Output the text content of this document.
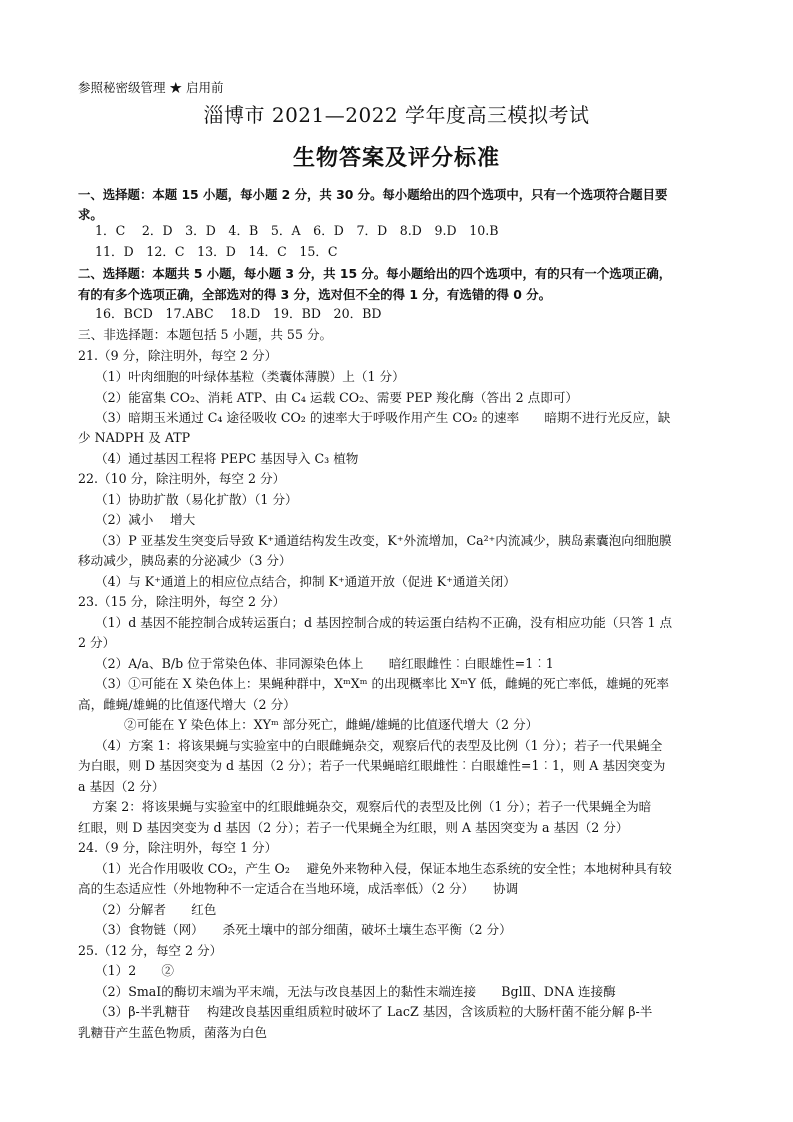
参照秘密级管理 ★ 启用前
淄博市 2021—2022 学年度高三模拟考试
生物答案及评分标准
一、选择题：本题 15 小题，每小题 2 分，共 30 分。每小题给出的四个选项中，只有一个选项符合题目要
求。
1．C　 2．D　3．D　4．B　5．A　6．D　7．D　8.D　9.D　10.B
11．D　12．C　13．D　14．C　15．C
二、选择题：本题共 5 小题，每小题 3 分，共 15 分。每小题给出的四个选项中，有的只有一个选项正确，
有的有多个选项正确，全部选对的得 3 分，选对但不全的得 1 分，有选错的得 0 分。
16．BCD　17.ABC　 18.D　19．BD　20．BD
三、非选择题：本题包括 5 小题，共 55 分。
21.（9 分，除注明外，每空 2 分）
（1）叶肉细胞的叶绿体基粒（类囊体薄膜）上（1 分）
（2）能富集 CO₂、消耗 ATP、由 C₄ 运载 CO₂、需要 PEP 羧化酶（答出 2 点即可）
（3）暗期玉米通过 C₄ 途径吸收 CO₂ 的速率大于呼吸作用产生 CO₂ 的速率　　暗期不进行光反应，缺
少 NADPH 及 ATP
（4）通过基因工程将 PEPC 基因导入 C₃ 植物
22.（10 分，除注明外，每空 2 分）
（1）协助扩散（易化扩散）（1 分）
（2）减小　 增大
（3）P 亚基发生突变后导致 K⁺通道结构发生改变，K⁺外流增加，Ca²⁺内流减少，胰岛素囊泡向细胞膜
移动减少，胰岛素的分泌减少（3 分）
（4）与 K⁺通道上的相应位点结合，抑制 K⁺通道开放（促进 K⁺通道关闭）
23.（15 分，除注明外，每空 2 分）
（1）d 基因不能控制合成转运蛋白；d 基因控制合成的转运蛋白结构不正确，没有相应功能（只答 1 点
2 分）
（2）A/a、B/b 位于常染色体、非同源染色体上　　暗红眼雌性︰白眼雄性=1︰1
（3）①可能在 X 染色体上：果蝇种群中，XᵐXᵐ 的出现概率比 XᵐY 低，雌蝇的死亡率低，雄蝇的死率
高，雌蝇/雄蝇的比值逐代增大（2 分）
②可能在 Y 染色体上：XYᵐ 部分死亡，雌蝇/雄蝇的比值逐代增大（2 分）
（4）方案 1：将该果蝇与实验室中的白眼雌蝇杂交，观察后代的表型及比例（1 分）；若子一代果蝇全
为白眼，则 D 基因突变为 d 基因（2 分）；若子一代果蝇暗红眼雌性︰白眼雄性=1︰1，则 A 基因突变为
a 基因（2 分）
方案 2：将该果蝇与实验室中的红眼雌蝇杂交，观察后代的表型及比例（1 分）；若子一代果蝇全为暗
红眼，则 D 基因突变为 d 基因（2 分）；若子一代果蝇全为红眼，则 A 基因突变为 a 基因（2 分）
24.（9 分，除注明外，每空 1 分）
（1）光合作用吸收 CO₂，产生 O₂　 避免外来物种入侵，保证本地生态系统的安全性；本地树种具有较
高的生态适应性（外地物种不一定适合在当地环境，成活率低）（2 分）　　协调
（2）分解者　　红色
（3）食物链（网）　　杀死土壤中的部分细菌，破坏土壤生态平衡（2 分）
25.（12 分，每空 2 分）
（1）2　　②
（2）SmaⅠ的酶切末端为平末端，无法与改良基因上的黏性末端连接　　BglⅡ、DNA 连接酶
（3）β-半乳糖苷　 构建改良基因重组质粒时破坏了 LacZ 基因，含该质粒的大肠杆菌不能分解 β-半
乳糖苷产生蓝色物质，菌落为白色
